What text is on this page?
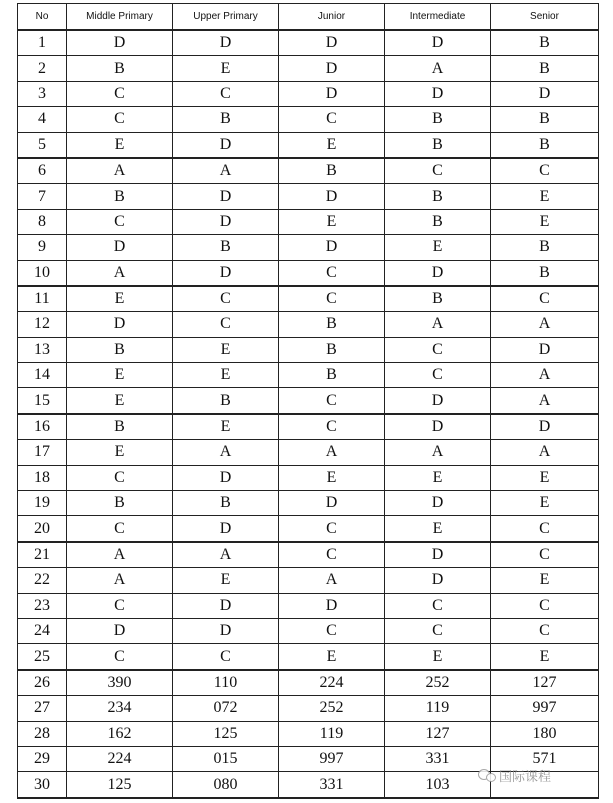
No	Middle Primary	Upper Primary	Junior	Intermediate	Senior
1	D	D	D	D	B
2	B	E	D	A	B
3	C	C	D	D	D
4	C	B	C	B	B
5	E	D	E	B	B
6	A	A	B	C	C
7	B	D	D	B	E
8	C	D	E	B	E
9	D	B	D	E	B
10	A	D	C	D	B
11	E	C	C	B	C
12	D	C	B	A	A
13	B	E	B	C	D
14	E	E	B	C	A
15	E	B	C	D	A
16	B	E	C	D	D
17	E	A	A	A	A
18	C	D	E	E	E
19	B	B	D	D	E
20	C	D	C	E	C
21	A	A	C	D	C
22	A	E	A	D	E
23	C	D	D	C	C
24	D	D	C	C	C
25	C	C	E	E	E
26	390	110	224	252	127
27	234	072	252	119	997
28	162	125	119	127	180
29	224	015	997	331	571
30	125	080	331	103		国际课程
